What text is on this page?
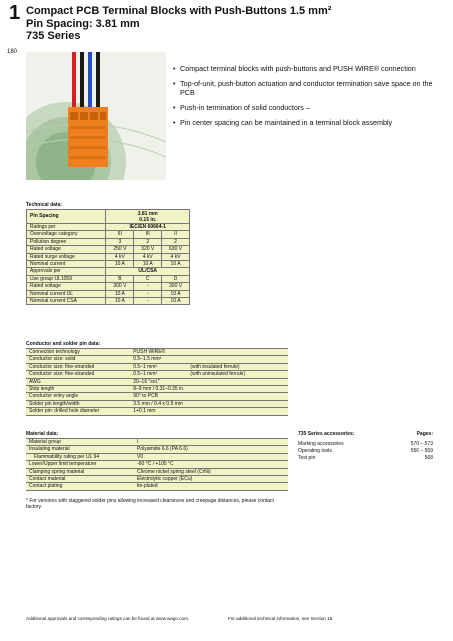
1
180
Compact PCB Terminal Blocks with Push-Buttons 1.5 mm²
Pin Spacing: 3.81 mm
735 Series
• Compact terminal blocks with push-buttons and PUSH WIRE® connection
• Top-of-unit, push-button actuation and conductor termination save space on the PCB
• Push-in termination of solid conductors –
• Pin center spacing can be maintained in a terminal block assembly
Technical data:
Pin Spacing	3.81 mm
0.15 in.		

Ratings per	IEC/EN 60664-1		
Overvoltage category	III	III	II
Pollution degree	3	2	2
Rated voltage	250 V	320 V	630 V
Rated surge voltage	4 kV	4 kV	4 kV
Nominal current	10 A	10 A	10 A
Approvals per	UL/CSA		
Use group UL1059	B	C	D
Rated voltage	300 V	-	300 V
Nominal current UL	10 A	-	10 A
Nominal current CSA	10 A	-	10 A
Conductor and solder pin data:
Connection technology	PUSH WIRE®	
Conductor size: solid	0.5–1.5 mm²	
Conductor size: fine-stranded	0.5–1 mm²	(with insulated ferrule)
Conductor size: fine-stranded	0.5–1 mm²	(with uninsulated ferrule)
AWG	20–16 "sol."	
Strip length	8–9 mm / 0.31–0.35 in.	
Conductor entry angle	90° to PCB	
Solder pin length/width	3.5 mm / 0.4 x 0.9 mm	
Solder pin: drilled hole diameter	1+0.1 mm	
Material data:
Material group	I
Insulating material	Polyamide 6.6 (PA 6.6)
Flammability rating per UL 94	V0
Lower/Upper limit temperature	-60 °C / +105 °C
Clamping spring material	Chrome nickel spring steel (CrNi)
Contact material	Electrolytic copper (ECu)
Contact plating	tin-plated
735 Series accessories:	Pages:
Marking accessories	570 – 573
Operating tools	556 – 559
Test pin	568
* For versions with staggered solder pins allowing increased clearances and creepage distances, please contact factory.
Additional approvals and corresponding ratings can be found at www.wago.com.	For additional technical information, see Section 15.
